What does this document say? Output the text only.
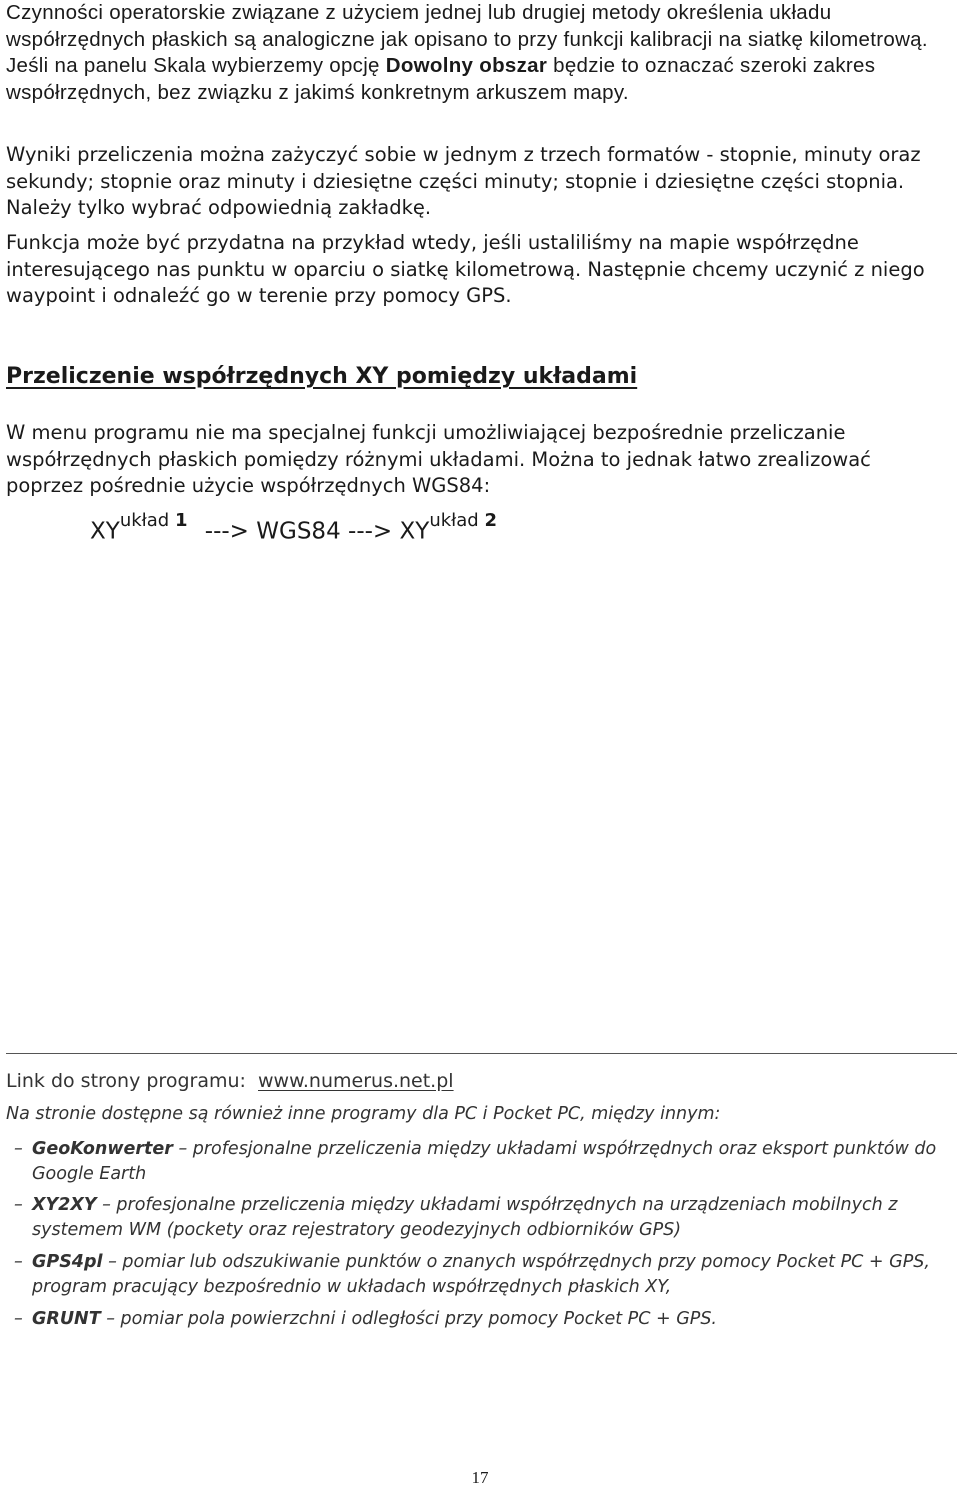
Czynności operatorskie związane z użyciem jednej lub drugiej metody określenia układu współrzędnych płaskich są analogiczne jak opisano to przy funkcji kalibracji na siatkę kilometrową. Jeśli na panelu Skala wybierzemy opcję Dowolny obszar będzie to oznaczać szeroki zakres współrzędnych, bez związku z jakimś konkretnym arkuszem mapy.

Wyniki przeliczenia można zażyczyć sobie w jednym z trzech formatów - stopnie, minuty oraz sekundy; stopnie oraz minuty i dziesiętne części minuty; stopnie i dziesiętne części stopnia. Należy tylko wybrać odpowiednią zakładkę.

Funkcja może być przydatna na przykład wtedy, jeśli ustaliliśmy na mapie współrzędne interesującego nas punktu w oparciu o siatkę kilometrową. Następnie chcemy uczynić z niego waypoint i odnaleźć go w terenie przy pomocy GPS.

Przeliczenie współrzędnych XY pomiędzy układami

W menu programu nie ma specjalnej funkcji umożliwiającej bezpośrednie przeliczanie współrzędnych płaskich pomiędzy różnymi układami. Można to jednak łatwo zrealizować poprzez pośrednie użycie współrzędnych WGS84:

$XY^{układ 1}$ ---> WGS84 ---> $XY^{układ 2}$
Link do strony programu: www.numerus.net.pl
Na stronie dostępne są również inne programy dla PC i Pocket PC, między innym:
– GeoKonwerter – profesjonalne przeliczenia między układami współrzędnych oraz eksport punktów do Google Earth
– XY2XY – profesjonalne przeliczenia między układami współrzędnych na urządzeniach mobilnych z systemem WM (pockety oraz rejestratory geodezyjnych odbiorników GPS)
– GPS4pl – pomiar lub odszukiwanie punktów o znanych współrzędnych przy pomocy Pocket PC + GPS, program pracujący bezpośrednio w układach współrzędnych płaskich XY,
– GRUNT – pomiar pola powierzchni i odległości przy pomocy Pocket PC + GPS.
17
